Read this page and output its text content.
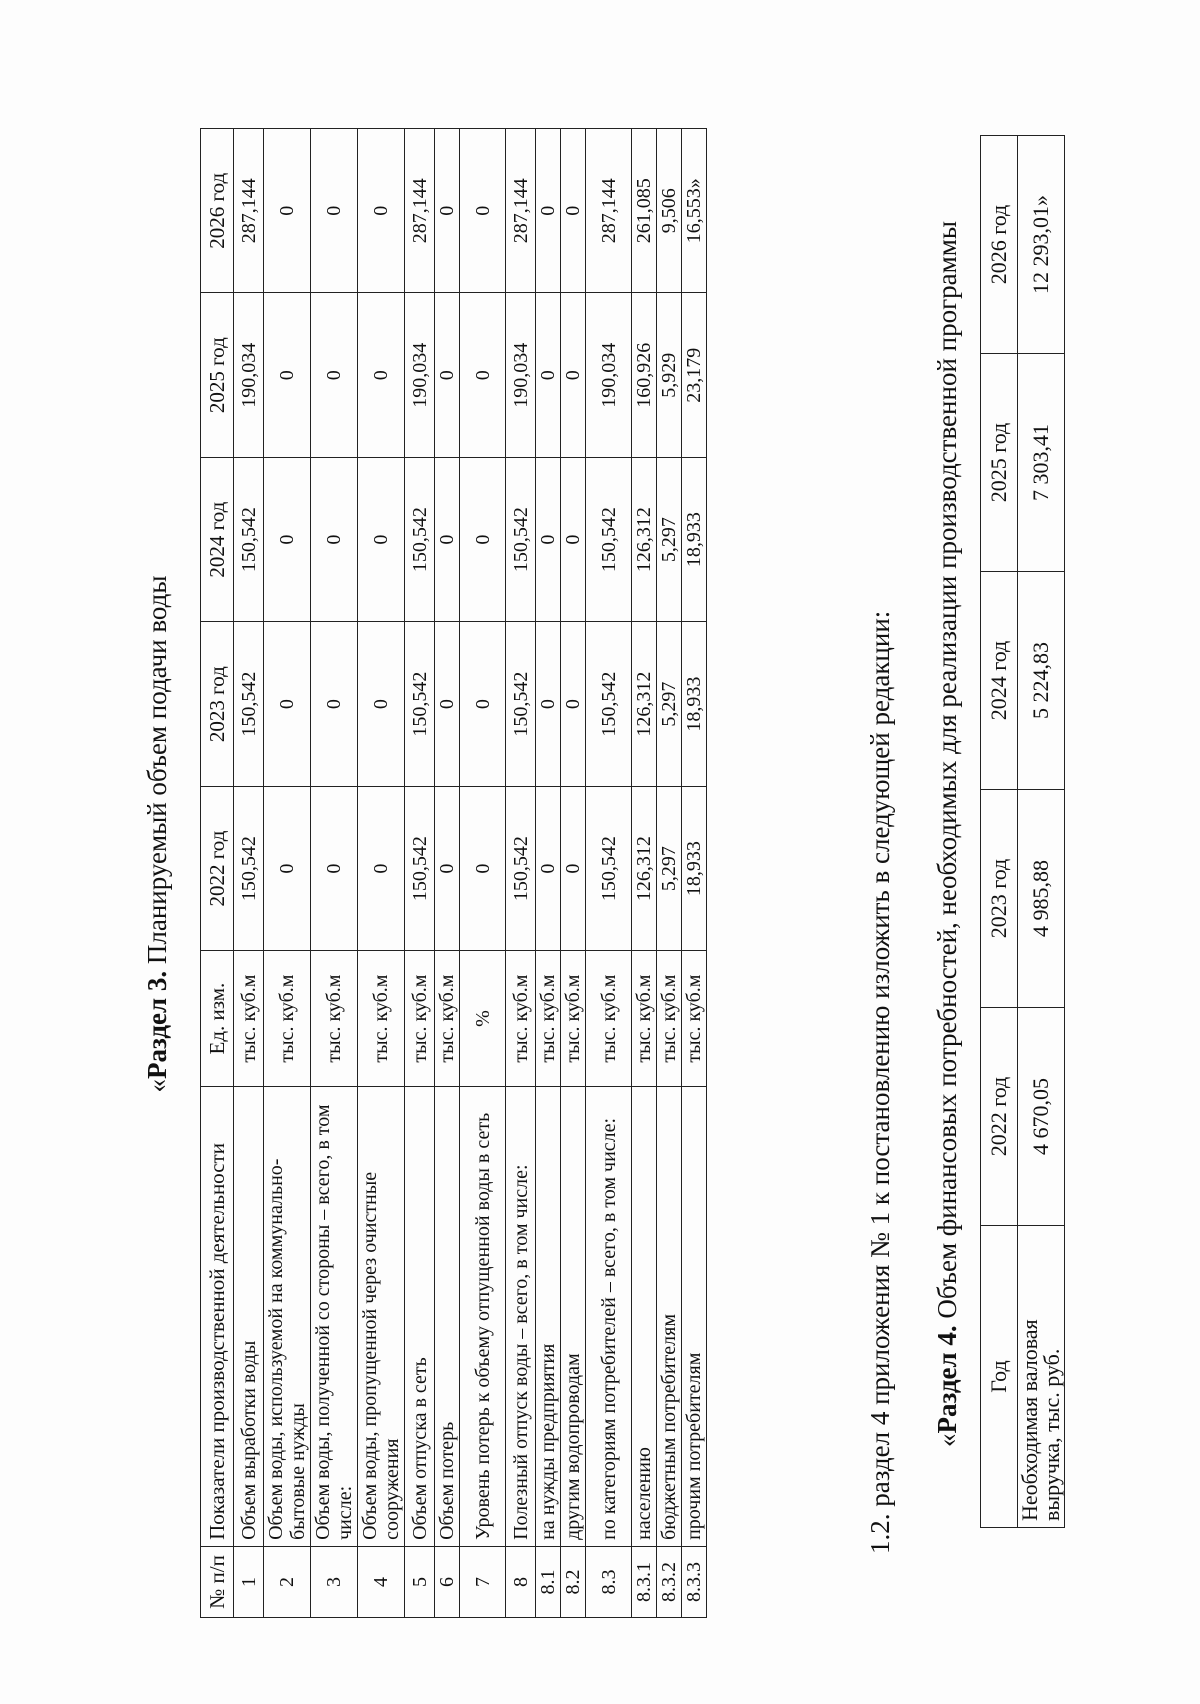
«Раздел 3. Планируемый объем подачи воды
№ п/п	Показатели производственной деятельности	Ед. изм.	2022 год	2023 год	2024 год	2025 год	2026 год
1	Объем выработки воды	тыс. куб.м	150,542	150,542	150,542	190,034	287,144
2	Объем воды, используемой на коммунально-бытовые нужды	тыс. куб.м	0	0	0	0	0
3	Объем воды, полученной со стороны – всего, в том числе:	тыс. куб.м	0	0	0	0	0
4	Объем воды, пропущенной через очистные сооружения	тыс. куб.м	0	0	0	0	0
5	Объем отпуска в сеть	тыс. куб.м	150,542	150,542	150,542	190,034	287,144
6	Объем потерь	тыс. куб.м	0	0	0	0	0
7	Уровень потерь к объему отпущенной воды в сеть	%	0	0	0	0	0
8	Полезный отпуск воды – всего, в том числе:	тыс. куб.м	150,542	150,542	150,542	190,034	287,144
8.1	на нужды предприятия	тыс. куб.м	0	0	0	0	0
8.2	другим водопроводам	тыс. куб.м	0	0	0	0	0
8.3	по категориям потребителей – всего, в том числе:	тыс. куб.м	150,542	150,542	150,542	190,034	287,144
8.3.1	населению	тыс. куб.м	126,312	126,312	126,312	160,926	261,085
8.3.2	бюджетным потребителям	тыс. куб.м	5,297	5,297	5,297	5,929	9,506
8.3.3	прочим потребителям	тыс. куб.м	18,933	18,933	18,933	23,179	16,553»
1.2. раздел 4 приложения № 1 к постановлению изложить в следующей редакции: «Раздел 4. Объем финансовых потребностей, необходимых для реализации производственной программы
Год	2022 год	2023 год	2024 год	2025 год	2026 год
Необходимая валовая выручка, тыс. руб.	4 670,05	4 985,88	5 224,83	7 303,41	12 293,01»
